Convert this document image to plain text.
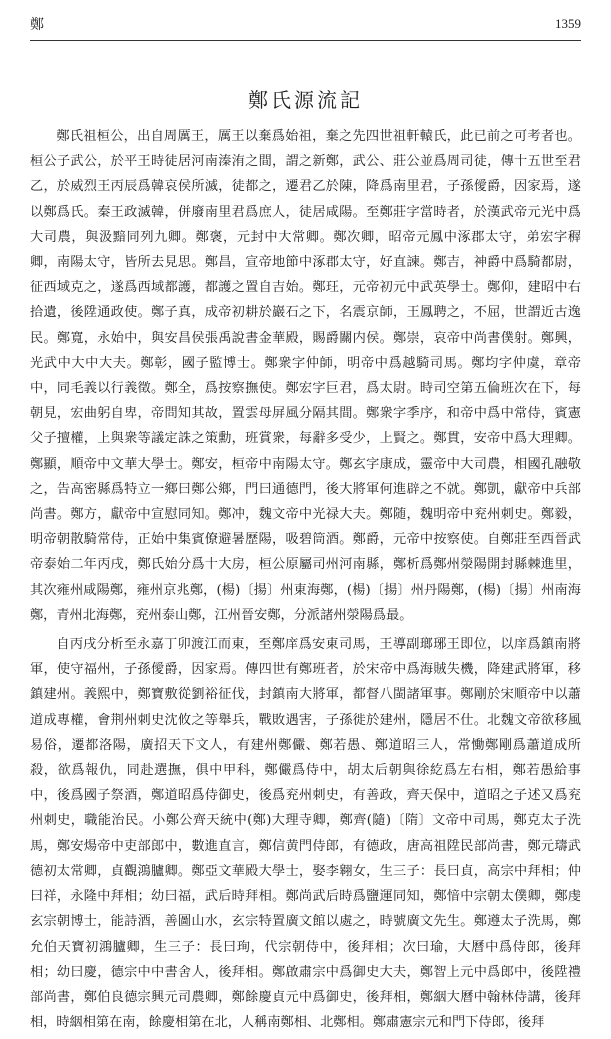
鄭	1359
鄭氏源流記

鄭氏祖桓公，出自周厲王，厲王以棄爲始祖，棄之先四世祖軒轅氏，此已前之可考者也。桓公子武公，於平王時徒居河南溱洧之間，謂之新鄭，武公、莊公並爲周司徒，傳十五世至君乙，於威烈王丙辰爲韓哀侯所滅，徒都之，遷君乙於陳，降爲南里君，子孫僾爵，因家焉，遂以鄭爲氏。秦王政滅韓，併廢南里君爲庶人，徒居咸陽。至鄭莊字當時者，於漢武帝元光中爲大司農，與汲黯同列九卿。鄭褒，元封中大常卿。鄭次卿，昭帝元鳳中涿郡太守，弟宏字稺卿，南陽太守，皆所去見思。鄭昌，宣帝地節中涿郡太守，好直諫。鄭吉，神爵中爲騎都尉，征西域克之，遂爲西域都護，都護之置自吉始。鄭玨，元帝初元中武英學士。鄭仰，建昭中右拾遺，後陞通政使。鄭子真，成帝初耕於巖石之下，名震京師，王鳳聘之，不屈，世謂近古逸民。鄭寬，永始中，與安昌侯張禹說書金華殿，賜爵關内侯。鄭崇，哀帝中尚書僕射。鄭興，光武中大中大夫。鄭彰，國子監博士。鄭衆字仲師，明帝中爲越騎司馬。鄭均字仲虞，章帝中，同毛義以行義徵。鄭全，爲按察撫使。鄭宏字巨君，爲太尉。時司空第五倫班次在下，每朝見，宏曲躬自卑，帝問知其故，置雲母屏風分隔其間。鄭衆字季序，和帝中爲中常侍，賓憲父子擅權，上與衆等議定誅之策勳，班賞衆，每辭多受少，上賢之。鄭貫，安帝中爲大理卿。鄭顯，順帝中文華大學士。鄭安，桓帝中南陽太守。鄭玄字康成，靈帝中大司農，相國孔融敬之，告高密縣爲特立一鄉曰鄭公鄉，門曰通德門，後大將軍何進辟之不就。鄭凱，獻帝中兵部尚書。鄭方，獻帝中宣慰同知。鄭冲，魏文帝中光禄大夫。鄭随，魏明帝中兖州刺史。鄭毅，明帝朝散騎常侍，正始中集賓僚避暑歷陽，吸碧筒酒。鄭爵，元帝中按察使。自鄭莊至西晉武帝泰始二年丙戌，鄭氏始分爲十大房，桓公原屬司州河南縣，鄭析爲鄭州滎陽開封縣棘進里，其次雍州咸陽鄭，雍州京兆鄭，(楊)〔揚〕州東海鄭，(楊)〔揚〕州丹陽鄭，(楊)〔揚〕州南海鄭，青州北海鄭，兖州泰山鄭，江州晉安鄭，分派諸州滎陽爲最。

自丙戌分析至永嘉丁卯渡江而東，至鄭庠爲安東司馬，王導副瑯琊王即位，以庠爲鎮南將軍，使守福州，子孫僾爵，因家焉。傳四世有鄭班者，於宋帝中爲海賊失機，降建武將軍，移鎮建州。義熙中，鄭寶敷從劉裕征伐，封鎮南大將軍，都督八閩諸軍事。鄭剛於宋順帝中以蕭道成專權，會荆州刺史沈攸之等舉兵，戰敗遇害，子孫徙於建州，隱居不仕。北魏文帝欲移風易俗，遷都洛陽，廣招天下文人，有建州鄭儼、鄭若愚、鄭道昭三人，常慟鄭剛爲蕭道成所殺，欲爲報仇，同赴選撫，俱中甲科，鄭儼爲侍中，胡太后朝與徐紇爲左右相，鄭若愚給事中，後爲國子祭酒，鄭道昭爲侍御史，後爲兖州刺史，有善政，齊天保中，道昭之子述又爲兖州刺史，職能治民。小鄭公齊天統中(鄭)大理寺卿，鄭齊(隨)〔隋〕文帝中司馬，鄭克太子洗馬，鄭安煬帝中吏部郎中，數進直言，鄭信黄門侍郎，有德政，唐高祖陞民部尚書，鄭元璹武德初太常卿，貞觀鴻臚卿。鄭亞文華殿大學士，娶李翱女，生三子：長曰貞，高宗中拜相；仲曰祥，永隆中拜相；幼曰福，武后時拜相。鄭尚武后時爲鹽運同知，鄭愔中宗朝太僕卿，鄭虔玄宗朝博士，能詩酒，善圖山水，玄宗特置廣文館以處之，時號廣文先生。鄭遵太子洗馬，鄭允伯天寶初鴻臚卿，生三子：長曰珣，代宗朝侍中，後拜相；次曰瑜，大曆中爲侍郎，後拜相；幼曰慶，德宗中中書舍人，後拜相。鄭啟肅宗中爲御史大夫，鄭智上元中爲郎中，後陞禮部尚書，鄭伯良德宗興元司農卿，鄭餘慶貞元中爲御史，後拜相，鄭絪大曆中翰林侍講，後拜相，時絪相第在南，餘慶相第在北，人稱南鄭相、北鄭相。鄭肅憲宗元和門下侍郎，後拜
